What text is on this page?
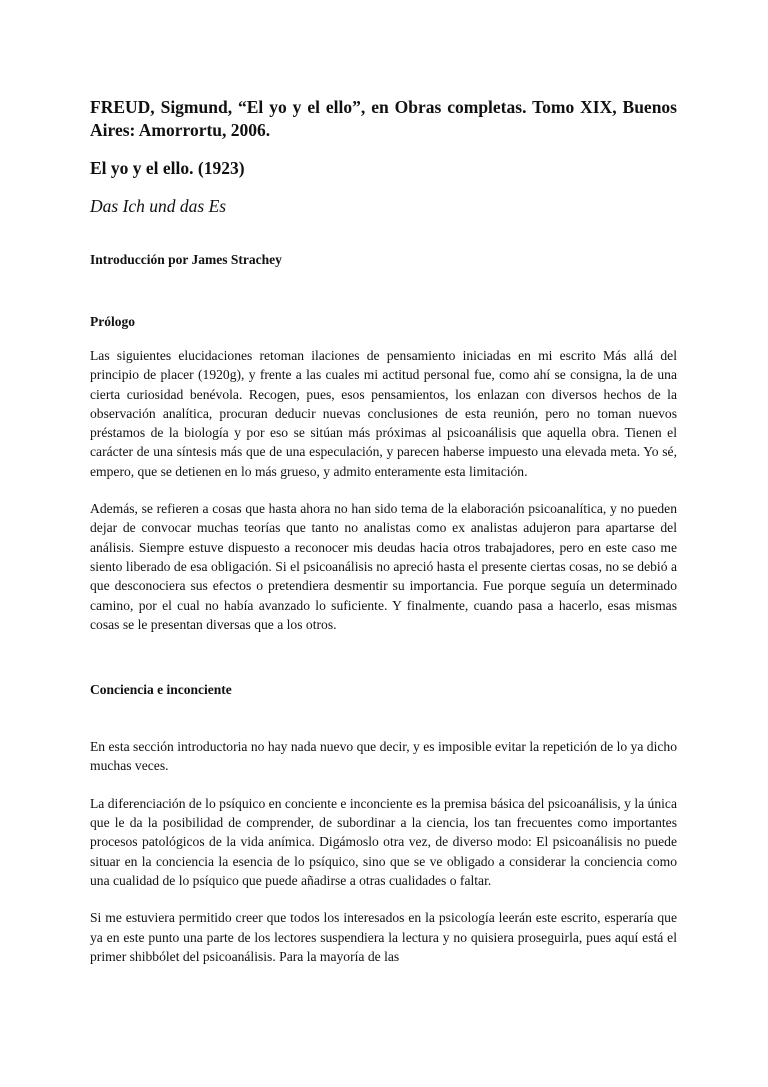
FREUD, Sigmund, “El yo y el ello”, en Obras completas. Tomo XIX, Buenos Aires: Amorrortu, 2006.

El yo y el ello. (1923)

Das Ich und das Es

Introducción por James Strachey

Prólogo

Las siguientes elucidaciones retoman ilaciones de pensamiento iniciadas en mi escrito Más allá del principio de placer (1920g), y frente a las cuales mi actitud personal fue, como ahí se consigna, la de una cierta curiosidad benévola. Recogen, pues, esos pensamientos, los enlazan con diversos hechos de la observación analítica, procuran deducir nuevas conclusiones de esta reunión, pero no toman nuevos préstamos de la biología y por eso se sitúan más próximas al psicoanálisis que aquella obra. Tienen el carácter de una síntesis más que de una especulación, y parecen haberse impuesto una elevada meta. Yo sé, empero, que se detienen en lo más grueso, y admito enteramente esta limitación.

Además, se refieren a cosas que hasta ahora no han sido tema de la elaboración psicoanalítica, y no pueden dejar de convocar muchas teorías que tanto no analistas como ex analistas adujeron para apartarse del análisis. Siempre estuve dispuesto a reconocer mis deudas hacia otros trabajadores, pero en este caso me siento liberado de esa obligación. Si el psicoanálisis no apreció hasta el presente ciertas cosas, no se debió a que desconociera sus efectos o pretendiera desmentir su importancia. Fue porque seguía un determinado camino, por el cual no había avanzado lo suficiente. Y finalmente, cuando pasa a hacerlo, esas mismas cosas se le presentan diversas que a los otros.

Conciencia e inconciente

En esta sección introductoria no hay nada nuevo que decir, y es imposible evitar la repetición de lo ya dicho muchas veces.

La diferenciación de lo psíquico en conciente e inconciente es la premisa básica del psicoanálisis, y la única que le da la posibilidad de comprender, de subordinar a la ciencia, los tan frecuentes como importantes procesos patológicos de la vida anímica. Digámoslo otra vez, de diverso modo: El psicoanálisis no puede situar en la conciencia la esencia de lo psíquico, sino que se ve obligado a considerar la conciencia como una cualidad de lo psíquico que puede añadirse a otras cualidades o faltar.

Si me estuviera permitido creer que todos los interesados en la psicología leerán este escrito, esperaría que ya en este punto una parte de los lectores suspendiera la lectura y no quisiera proseguirla, pues aquí está el primer shibbólet del psicoanálisis. Para la mayoría de las
